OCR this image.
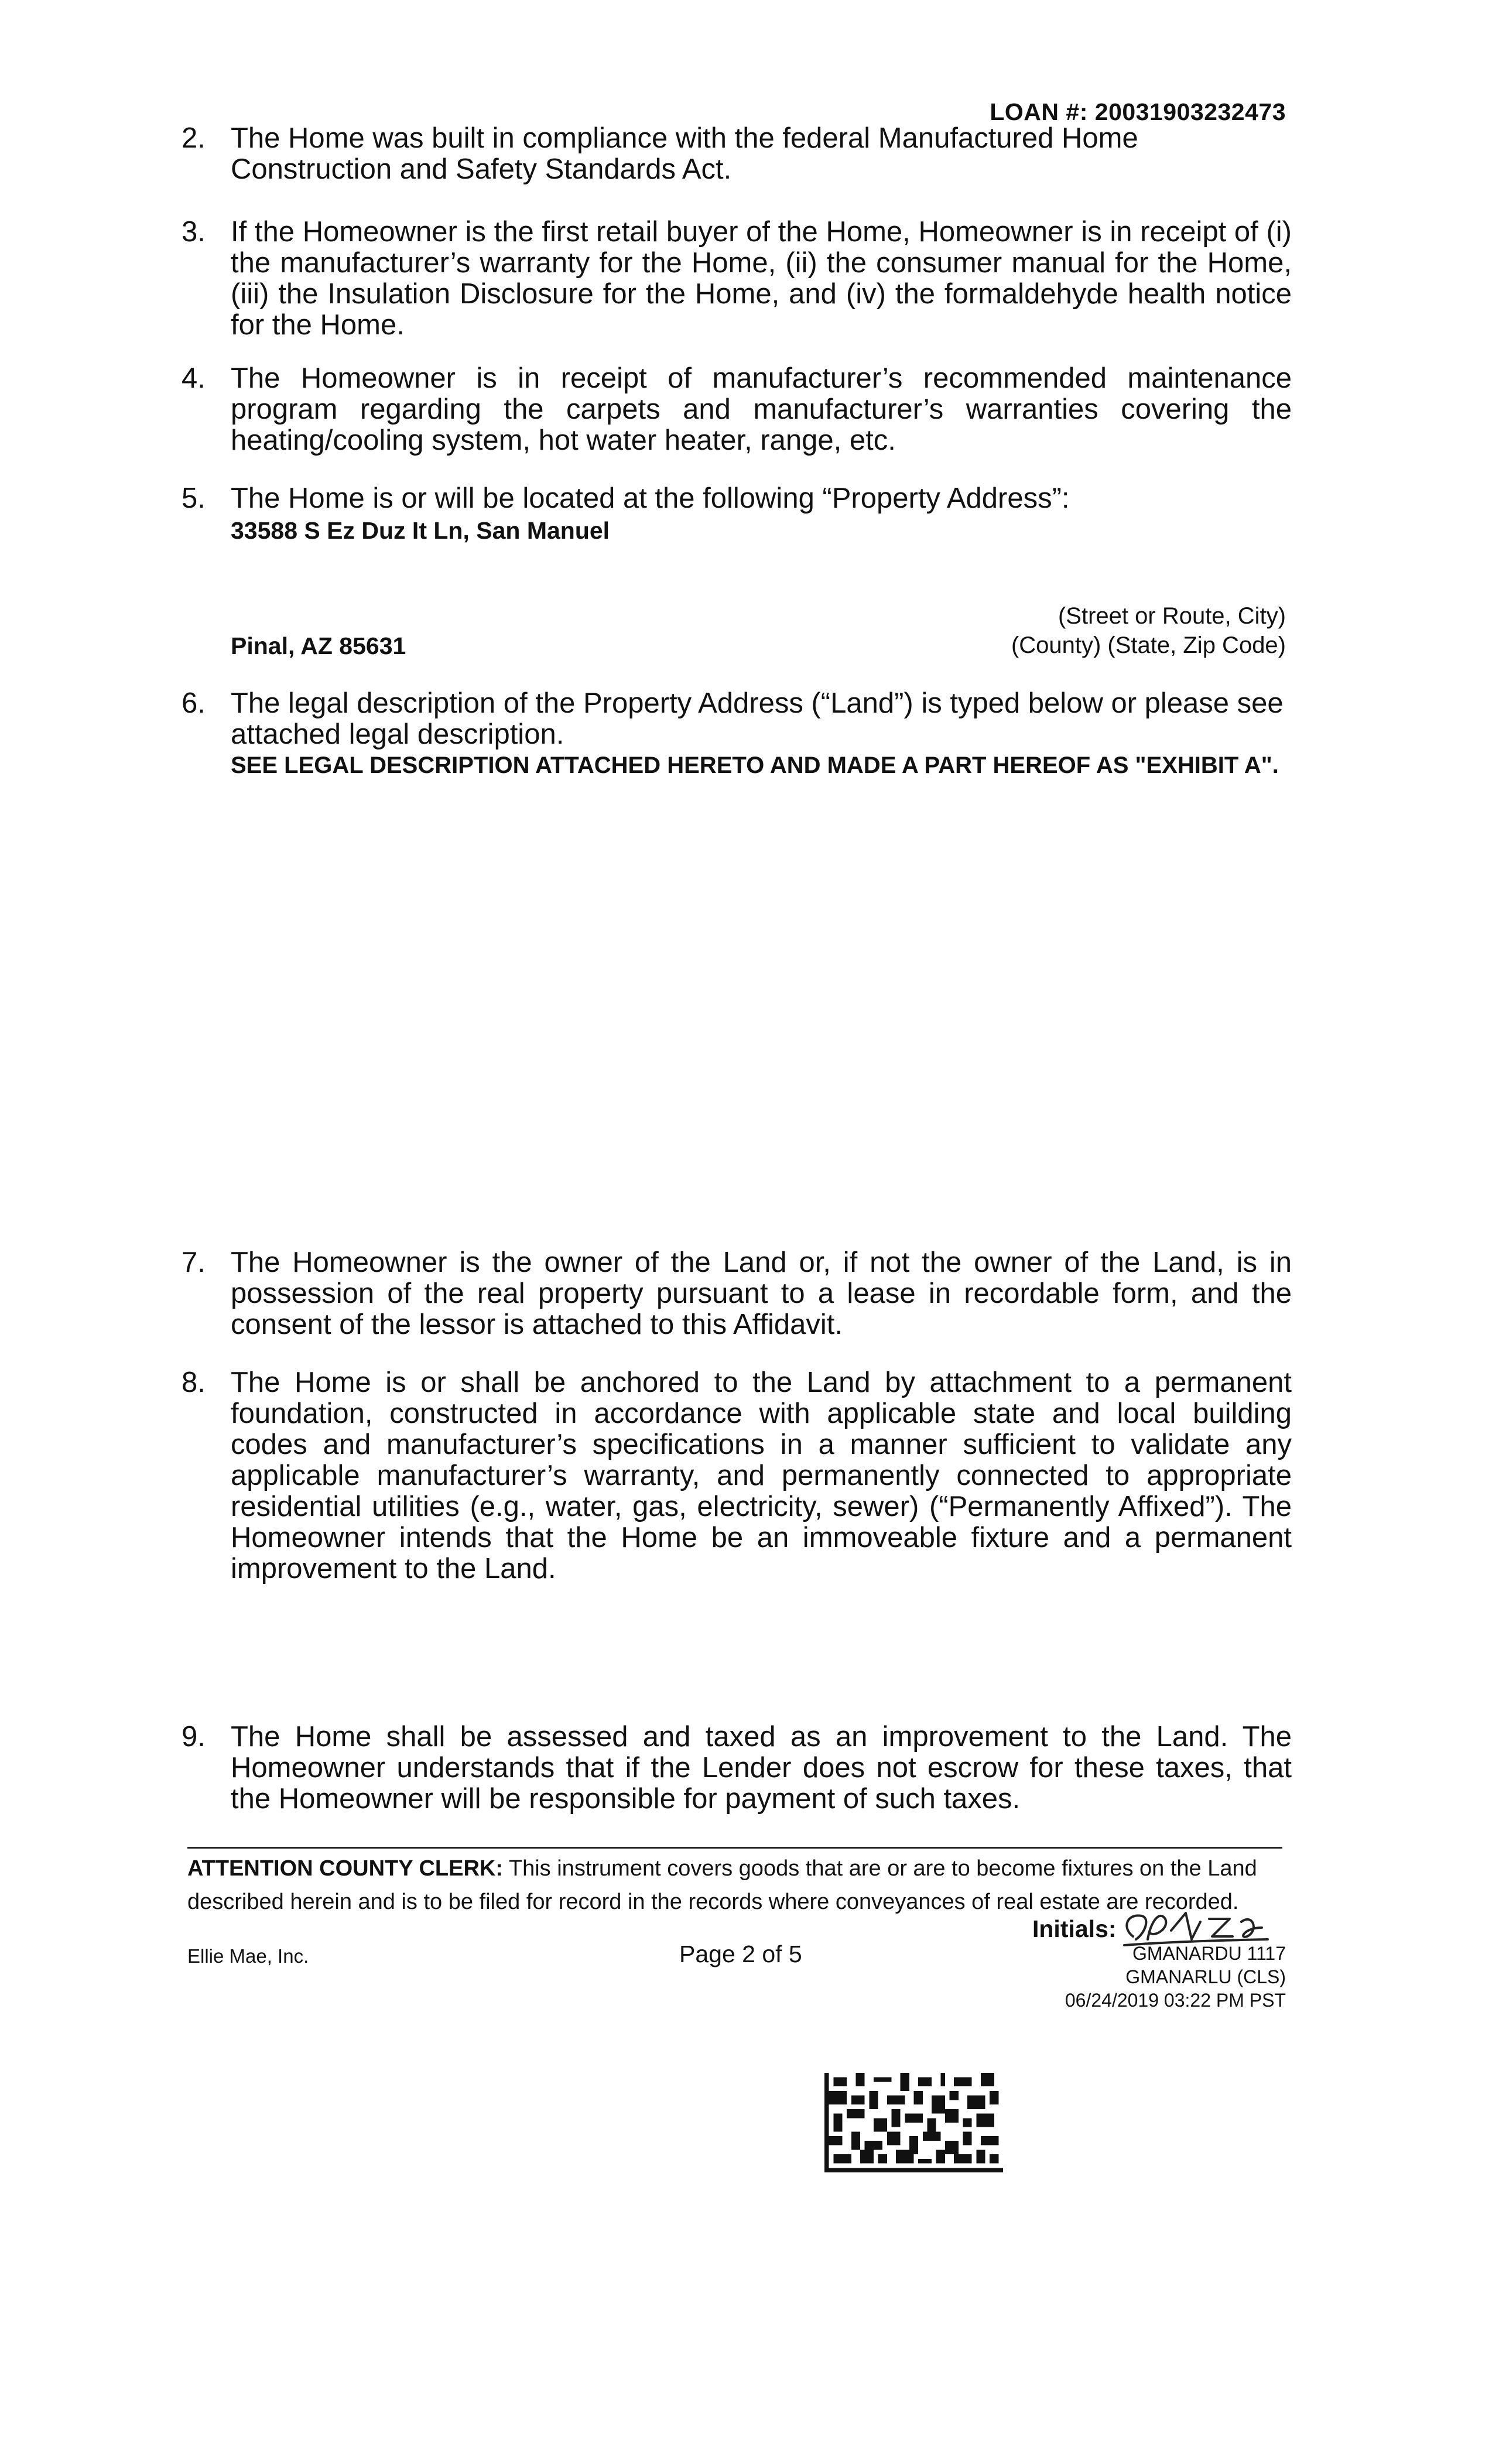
LOAN #: 20031903232473
2. The Home was built in compliance with the federal Manufactured Home Construction and Safety Standards Act.
3. If the Homeowner is the first retail buyer of the Home, Homeowner is in receipt of (i) the manufacturer’s warranty for the Home, (ii) the consumer manual for the Home, (iii) the Insulation Disclosure for the Home, and (iv) the formaldehyde health notice for the Home.
4. The Homeowner is in receipt of manufacturer’s recommended maintenance program regarding the carpets and manufacturer’s warranties covering the heating/cooling system, hot water heater, range, etc.
5. The Home is or will be located at the following “Property Address”:
33588 S Ez Duz It Ln, San Manuel
(Street or Route, City)
Pinal, AZ 85631	(County) (State, Zip Code)
6. The legal description of the Property Address (“Land”) is typed below or please see attached legal description.
SEE LEGAL DESCRIPTION ATTACHED HERETO AND MADE A PART HEREOF AS "EXHIBIT A".
7. The Homeowner is the owner of the Land or, if not the owner of the Land, is in possession of the real property pursuant to a lease in recordable form, and the consent of the lessor is attached to this Affidavit.
8. The Home is or shall be anchored to the Land by attachment to a permanent foundation, constructed in accordance with applicable state and local building codes and manufacturer’s specifications in a manner sufficient to validate any applicable manufacturer’s warranty, and permanently connected to appropriate residential utilities (e.g., water, gas, electricity, sewer) (“Permanently Affixed”). The Homeowner intends that the Home be an immoveable fixture and a permanent improvement to the Land.
9. The Home shall be assessed and taxed as an improvement to the Land. The Homeowner understands that if the Lender does not escrow for these taxes, that the Homeowner will be responsible for payment of such taxes.
ATTENTION COUNTY CLERK: This instrument covers goods that are or are to become fixtures on the Land described herein and is to be filed for record in the records where conveyances of real estate are recorded.
Ellie Mae, Inc.	Page 2 of 5
Initials:
GMANARDU 1117
GMANARLU (CLS)
06/24/2019 03:22 PM PST
